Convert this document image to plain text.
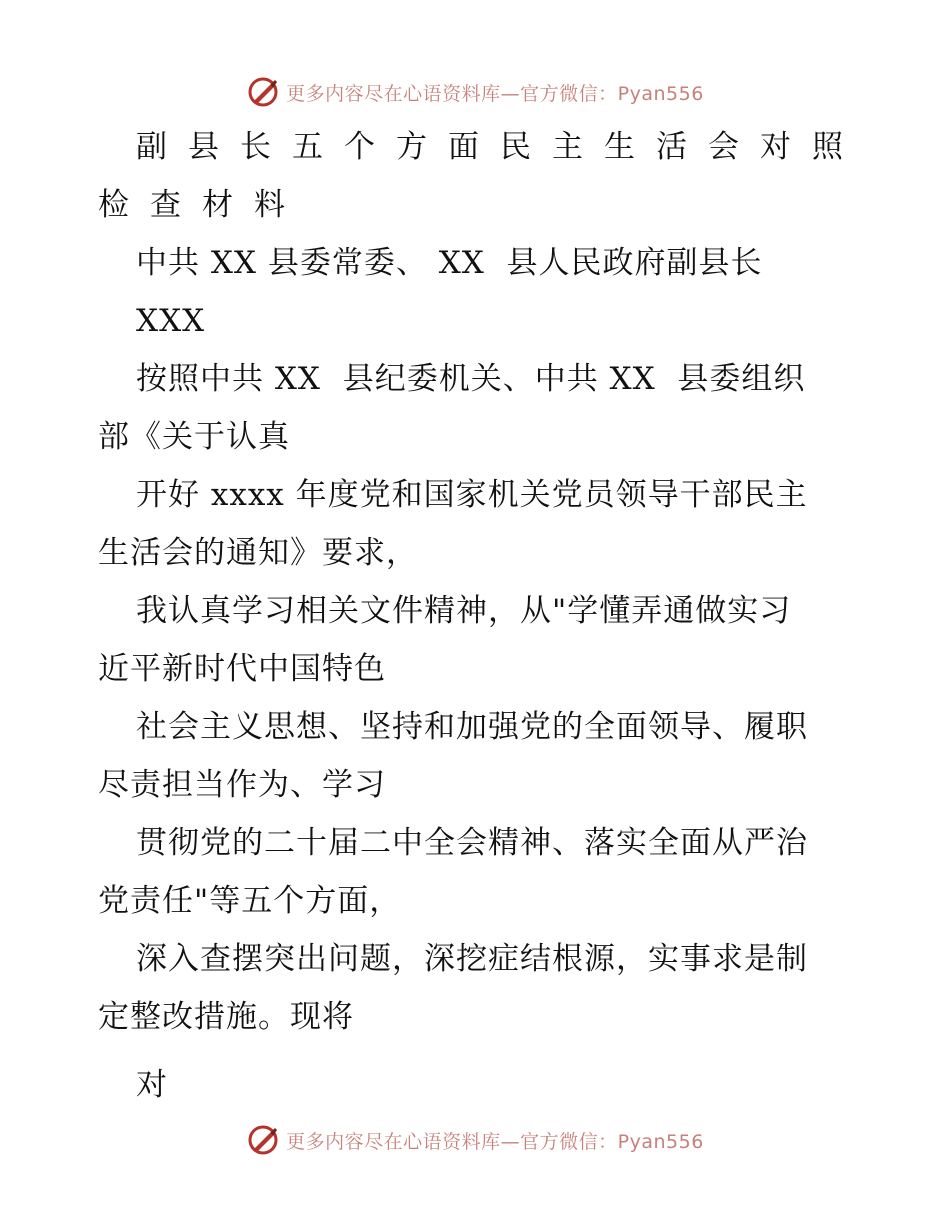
更多内容尽在心语资料库—官方微信：Pyan556
副县长五个方面民主生活会对照
检查材料
中共 XX 县委常委、 XX  县人民政府副县长
XXX
按照中共 XX  县纪委机关、中共 XX  县委组织
部《关于认真
开好 xxxx 年度党和国家机关党员领导干部民主
生活会的通知》要求，
我认真学习相关文件精神，从"学懂弄通做实习
近平新时代中国特色
社会主义思想、坚持和加强党的全面领导、履职
尽责担当作为、学习
贯彻党的二十届二中全会精神、落实全面从严治
党责任"等五个方面，
深入查摆突出问题，深挖症结根源，实事求是制
定整改措施。现将
对
更多内容尽在心语资料库—官方微信：Pyan556
